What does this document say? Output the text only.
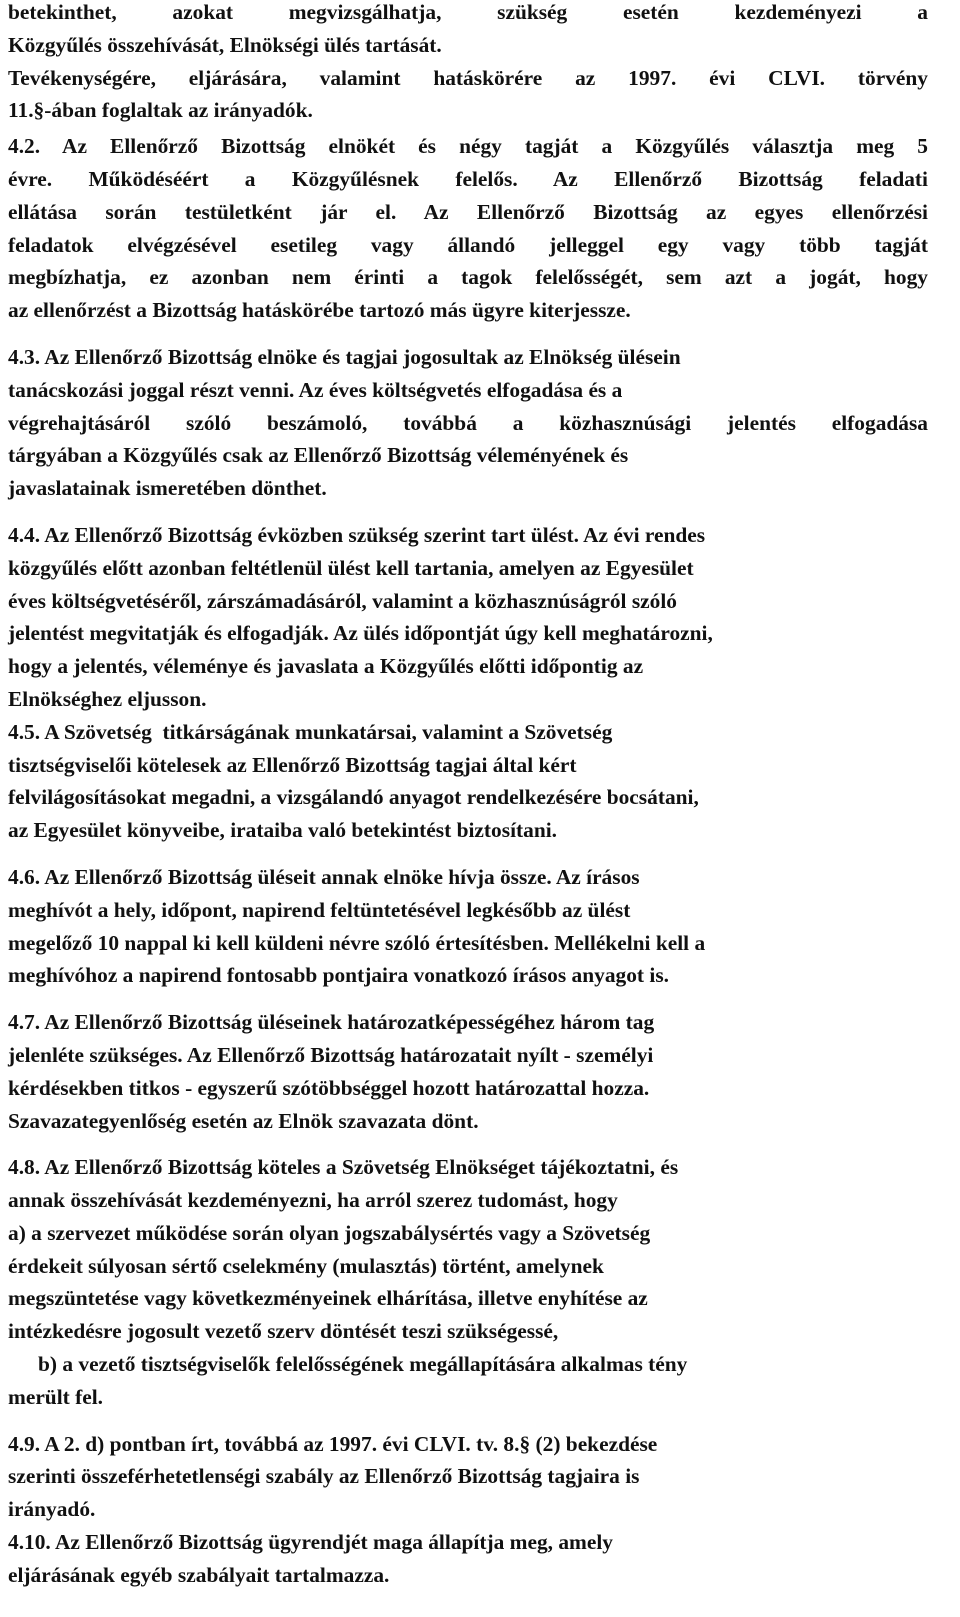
betekinthet, azokat megvizsgálhatja, szükség esetén kezdeményezi a
Közgyűlés összehívását, Elnökségi ülés tartását.
Tevékenységére, eljárására, valamint hatáskörére az 1997. évi CLVI. törvény
11.§-ában foglaltak az irányadók.
4.2. Az Ellenőrző Bizottság elnökét és négy tagját a Közgyűlés választja meg 5
évre. Működéséért a Közgyűlésnek felelős. Az Ellenőrző Bizottság feladati
ellátása során testületként jár el. Az Ellenőrző Bizottság az egyes ellenőrzési
feladatok elvégzésével esetileg vagy állandó jelleggel egy vagy több tagját
megbízhatja, ez azonban nem érinti a tagok felelősségét, sem azt a jogát, hogy
az ellenőrzést a Bizottság hatáskörébe tartozó más ügyre kiterjessze.
4.3. Az Ellenőrző Bizottság elnöke és tagjai jogosultak az Elnökség ülésein
tanácskozási joggal részt venni. Az éves költségvetés elfogadása és a
végrehajtásáról szóló beszámoló, továbbá a közhasznúsági jelentés elfogadása
tárgyában a Közgyűlés csak az Ellenőrző Bizottság véleményének és
javaslatainak ismeretében dönthet.
4.4. Az Ellenőrző Bizottság évközben szükség szerint tart ülést. Az évi rendes
közgyűlés előtt azonban feltétlenül ülést kell tartania, amelyen az Egyesület
éves költségvetéséről, zárszámadásáról, valamint a közhasznúságról szóló
jelentést megvitatják és elfogadják. Az ülés időpontját úgy kell meghatározni,
hogy a jelentés, véleménye és javaslata a Közgyűlés előtti időpontig az
Elnökséghez eljusson.
4.5. A Szövetség  titkárságának munkatársai, valamint a Szövetség
tisztségviselői kötelesek az Ellenőrző Bizottság tagjai által kért
felvilágosításokat megadni, a vizsgálandó anyagot rendelkezésére bocsátani,
az Egyesület könyveibe, irataiba való betekintést biztosítani.
4.6. Az Ellenőrző Bizottság üléseit annak elnöke hívja össze. Az írásos
meghívót a hely, időpont, napirend feltüntetésével legkésőbb az ülést
megelőző 10 nappal ki kell küldeni névre szóló értesítésben. Mellékelni kell a
meghívóhoz a napirend fontosabb pontjaira vonatkozó írásos anyagot is.
4.7. Az Ellenőrző Bizottság üléseinek határozatképességéhez három tag
jelenléte szükséges. Az Ellenőrző Bizottság határozatait nyílt - személyi
kérdésekben titkos - egyszerű szótöbbséggel hozott határozattal hozza.
Szavazategyenlőség esetén az Elnök szavazata dönt.
4.8. Az Ellenőrző Bizottság köteles a Szövetség Elnökséget tájékoztatni, és
annak összehívását kezdeményezni, ha arról szerez tudomást, hogy
a) a szervezet működése során olyan jogszabálysértés vagy a Szövetség
érdekeit súlyosan sértő cselekmény (mulasztás) történt, amelynek
megszüntetése vagy következményeinek elhárítása, illetve enyhítése az
intézkedésre jogosult vezető szerv döntését teszi szükségessé,
b) a vezető tisztségviselők felelősségének megállapítására alkalmas tény
merült fel.
4.9. A 2. d) pontban írt, továbbá az 1997. évi CLVI. tv. 8.§ (2) bekezdése
szerinti összeférhetetlenségi szabály az Ellenőrző Bizottság tagjaira is
irányadó.
4.10. Az Ellenőrző Bizottság ügyrendjét maga állapítja meg, amely
eljárásának egyéb szabályait tartalmazza.
